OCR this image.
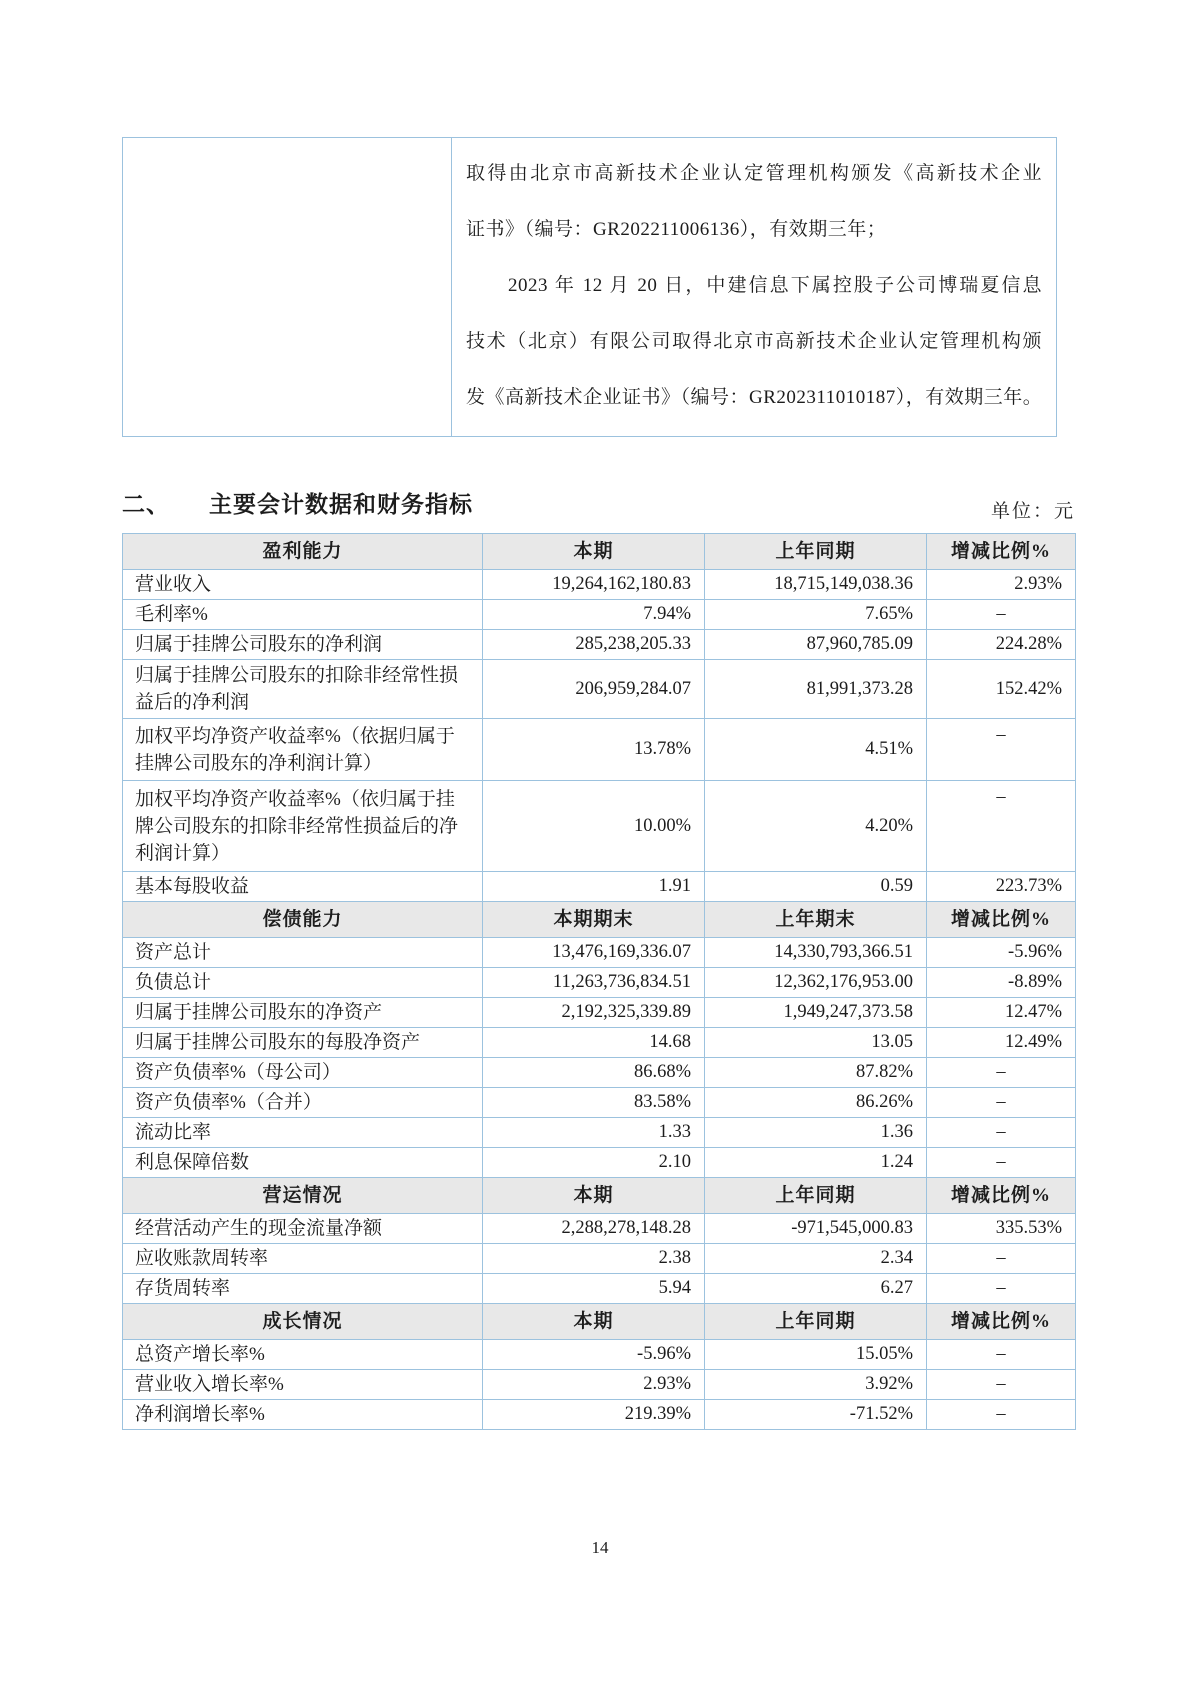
取得由北京市高新技术企业认定管理机构颁发《高新技术企业
证书》（编号：GR202211006136），有效期三年；
2023 年 12 月 20 日，中建信息下属控股子公司博瑞夏信息
技术（北京）有限公司取得北京市高新技术企业认定管理机构颁
发《高新技术企业证书》（编号：GR202311010187），有效期三年。
二、 主要会计数据和财务指标	单位：元
盈利能力	本期	上年同期	增减比例%
营业收入	19,264,162,180.83	18,715,149,038.36	2.93%
毛利率%	7.94%	7.65%	–
归属于挂牌公司股东的净利润	285,238,205.33	87,960,785.09	224.28%
归属于挂牌公司股东的扣除非经常性损益后的净利润	206,959,284.07	81,991,373.28	152.42%
加权平均净资产收益率%（依据归属于挂牌公司股东的净利润计算）	13.78%	4.51%	–
加权平均净资产收益率%（依归属于挂牌公司股东的扣除非经常性损益后的净利润计算）	10.00%	4.20%	–
基本每股收益	1.91	0.59	223.73%
偿债能力	本期期末	上年期末	增减比例%
资产总计	13,476,169,336.07	14,330,793,366.51	-5.96%
负债总计	11,263,736,834.51	12,362,176,953.00	-8.89%
归属于挂牌公司股东的净资产	2,192,325,339.89	1,949,247,373.58	12.47%
归属于挂牌公司股东的每股净资产	14.68	13.05	12.49%
资产负债率%（母公司）	86.68%	87.82%	–
资产负债率%（合并）	83.58%	86.26%	–
流动比率	1.33	1.36	–
利息保障倍数	2.10	1.24	–
营运情况	本期	上年同期	增减比例%
经营活动产生的现金流量净额	2,288,278,148.28	-971,545,000.83	335.53%
应收账款周转率	2.38	2.34	–
存货周转率	5.94	6.27	–
成长情况	本期	上年同期	增减比例%
总资产增长率%	-5.96%	15.05%	–
营业收入增长率%	2.93%	3.92%	–
净利润增长率%	219.39%	-71.52%	–
14
